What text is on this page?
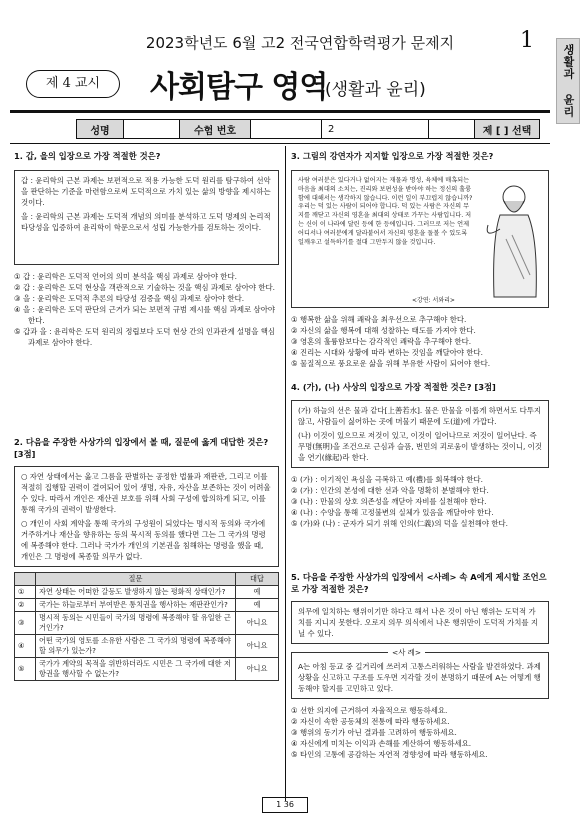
2023학년도 6월 고2 전국연합학력평가 문제지	1
생활과 윤리
제 4 교시	사회탐구 영역
(생활과 윤리)
성명	수험 번호	2	제 [ ] 선택
1. 갑, 을의 입장으로 가장 적절한 것은?

갑 : 윤리학의 근본 과제는 보편적으로 적용 가능한 도덕 원리를 탐구하여 선악을 판단하는 기준을 마련함으로써 도덕적으로 가치 있는 삶의 방향을 제시하는 것이다.

을 : 윤리학의 근본 과제는 도덕적 개념의 의미를 분석하고 도덕 명제의 논리적 타당성을 입증하여 윤리학이 학문으로서 성립 가능한가를 검토하는 것이다.

① 갑 : 윤리학은 도덕적 언어의 의미 분석을 핵심 과제로 삼아야 한다.

② 갑 : 윤리학은 도덕 현상을 객관적으로 기술하는 것을 핵심 과제로 삼아야 한다.

③ 을 : 윤리학은 도덕적 추론의 타당성 검증을 핵심 과제로 삼아야 한다.

④ 을 : 윤리학은 도덕 판단의 근거가 되는 보편적 규범 제시를 핵심 과제로 삼아야 한다.

⑤ 갑과 을 : 윤리학은 도덕 원리의 정립보다 도덕 현상 간의 인과관계 설명을 핵심 과제로 삼아야 한다.

2. 다음을 주장한 사상가의 입장에서 볼 때, 질문에 옳게 대답한 것은? [3점]

○ 자연 상태에서는 옳고 그름을 판별하는 공정한 법률과 재판관, 그리고 이를 적절히 집행할 권력이 결여되어 있어 생명, 자유, 자산을 보존하는 것이 어려울 수 있다. 따라서 개인은 재산권 보호를 위해 사회 구성에 합의하게 되고, 이를 통해 국가의 권력이 발생한다.

○ 개인이 사회 계약을 통해 국가의 구성원이 되었다는 명시적 동의와 국가에 거주하거나 재산을 향유하는 등의 묵시적 동의를 했다면 그는 그 국가의 명령에 복종해야 한다. 그러나 국가가 개인의 기본권을 침해하는 명령을 했을 때, 개인은 그 명령에 복종할 의무가 없다.

	질문	대답
①	자연 상태는 어떠한 갈등도 발생하지 않는 평화적 상태인가?	예
②	국가는 하늘로부터 부여받은 통치권을 행사하는 재판관인가?	예
③	명시적 동의는 시민들이 국가의 명령에 복종해야 할 유일한 근거인가?	아니요
④	어떤 국가의 영토를 소유한 사람은 그 국가의 명령에 복종해야 할 의무가 있는가?	아니요
⑤	국가가 계약의 목적을 위반하더라도 시민은 그 국가에 대한 저항권을 행사할 수 없는가?	아니요
3. 그림의 강연자가 지지할 입장으로 가장 적절한 것은?
사람 여러분은 있다거나 없어지는 재물과 명성, 육체에 매혹되는 마음을 최대의 소치는, 진리와 보편성을 받아야 하는 정신의 훌륭함에 대해서는 생각하지 않습니다. 이런 일이 부끄럽지 않습니까? 우리는 덕 있는 사람이 되어야 합니다. 덕 있는 사람은 자신의 무지를 깨닫고 자신의 영혼을 최대의 상태로 가꾸는 사람입니다. 저는 신이 이 나라에 달린 등에 한 등에입니다. 그러므로 저는 언제 어디서나 여러분에게 달라붙어서 자신의 영혼을 돌볼 수 있도록 일깨우고 설득하기를 절대 그만두지 않을 것입니다.
<강연: 서와리>

① 행복한 삶을 위해 쾌락을 최우선으로 추구해야 한다.

② 자신의 삶을 행복에 대해 성찰하는 태도를 가져야 한다.

③ 영혼의 훌륭함보다는 감각적인 쾌락을 추구해야 한다.

④ 진리는 시대와 상황에 따라 변하는 것임을 깨달아야 한다.

⑤ 물질적으로 풍요로운 삶을 위해 부유한 사람이 되어야 한다.

4. (가), (나) 사상의 입장으로 가장 적절한 것은? [3점]

(가) 하늘의 선은 물과 같다[上善若水]. 물은 만물을 이롭게 하면서도 다투지 않고, 사람들이 싫어하는 곳에 머물기 때문에 도(道)에 가깝다.

(나) 이것이 있으므로 저것이 있고, 이것이 일어나므로 저것이 일어난다. 즉 무명(無明)을 조건으로 근심과 슬픔, 번민의 괴로움이 발생하는 것이니, 이것을 연기(緣起)라 한다.

① (가) : 이기적인 욕심을 극복하고 예(禮)를 회복해야 한다.

② (가) : 인간의 본성에 대한 선과 악을 명확히 분별해야 한다.

③ (나) : 만물의 상호 의존성을 깨닫아 자비를 실천해야 한다.

④ (나) : 수양을 통해 고정불변의 실체가 있음을 깨달아야 한다.

⑤ (가)와 (나) : 군자가 되기 위해 인의(仁義)의 덕을 실천해야 한다.

5. 다음을 주장한 사상가의 입장에서 <사례> 속 A에게 제시할 조언으로 가장 적절한 것은?
의무에 일치하는 행위이기만 하다고 해서 나온 것이 아닌 행위는 도덕적 가치를 지니지 못한다. 오로지 의무 의식에서 나온 행위만이 도덕적 가치를 지닐 수 있다.
<사 례>
A는 아침 등교 중 길거리에 쓰러져 고통스러워하는 사람을 발견하였다. 과제 상황을 신고하고 구조를 도우면 지각할 것이 분명하기 때문에 A는 어떻게 행동해야 할지를 고민하고 있다.

① 선한 의지에 근거하여 자율적으로 행동하세요.

② 자신이 속한 공동체의 전통에 따라 행동하세요.

③ 행위의 동기가 아닌 결과를 고려하여 행동하세요.

④ 자신에게 미치는 이익과 손해를 계산하여 행동하세요.

⑤ 타인의 고통에 공감하는 자연적 경향성에 따라 행동하세요.

1 36
